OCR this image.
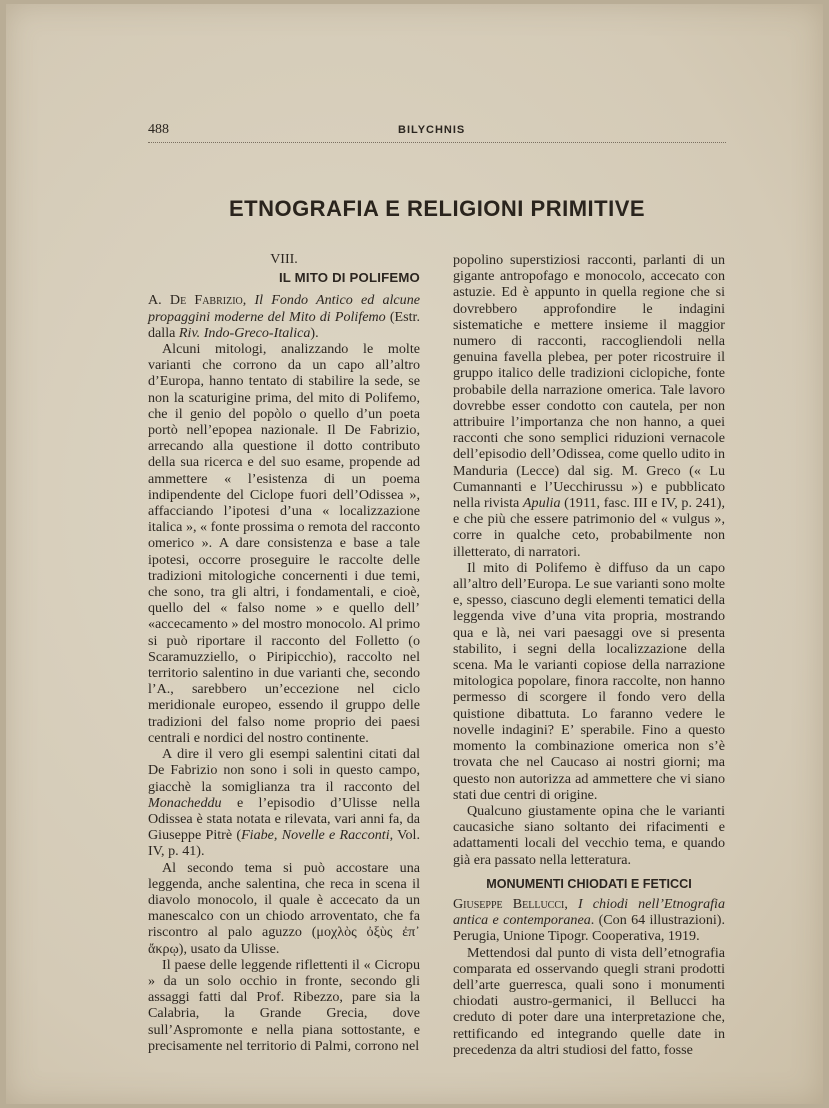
488	BILYCHNIS
ETNOGRAFIA E RELIGIONI PRIMITIVE
VIII.
IL MITO DI POLIFEMO

A. De Fabrizio, Il Fondo Antico ed alcune propaggini moderne del Mito di Polifemo (Estr. dalla Riv. Indo-Greco-Italica).

Alcuni mitologi, analizzando le molte varianti che corrono da un capo all’altro d’Europa, hanno tentato di stabilire la sede, se non la scaturigine prima, del mito di Polifemo, che il genio del popòlo o quello d’un poeta portò nell’epopea nazionale. Il De Fabrizio, arrecando alla questione il dotto contributo della sua ricerca e del suo esame, propende ad ammettere « l’esistenza di un poema indipendente del Ciclope fuori dell’Odissea », affacciando l’ipotesi d’una « localizzazione italica », « fonte prossima o remota del racconto omerico ». A dare consistenza e base a tale ipotesi, occorre proseguire le raccolte delle tradizioni mitologiche concernenti i due temi, che sono, tra gli altri, i fondamentali, e cioè, quello del « falso nome » e quello dell’ «accecamento » del mostro monocolo. Al primo si può riportare il racconto del Folletto (o Scaramuzziello, o Piripicchio), raccolto nel territorio salentino in due varianti che, secondo l’A., sarebbero un’eccezione nel ciclo meridionale europeo, essendo il gruppo delle tradizioni del falso nome proprio dei paesi centrali e nordici del nostro continente.

A dire il vero gli esempi salentini citati dal De Fabrizio non sono i soli in questo campo, giacchè la somiglianza tra il racconto del Monacheddu e l’episodio d’Ulisse nella Odissea è stata notata e rilevata, vari anni fa, da Giuseppe Pitrè (Fiabe, Novelle e Racconti, Vol. IV, p. 41).

Al secondo tema si può accostare una leggenda, anche salentina, che reca in scena il diavolo monocolo, il quale è accecato da un manescalco con un chiodo arroventato, che fa riscontro al palo aguzzo (μοχλὸς ὀξὺς ἐπ᾽ ἄκρῳ), usato da Ulisse.

Il paese delle leggende riflettenti il « Cicropu » da un solo occhio in fronte, secondo gli assaggi fatti dal Prof. Ribezzo, pare sia la Calabria, la Grande Grecia, dove sull’Aspromonte e nella piana sottostante, e precisamente nel territorio di Palmi, corrono nel

popolino superstiziosi racconti, parlanti di un gigante antropofago e monocolo, accecato con astuzie. Ed è appunto in quella regione che si dovrebbero approfondire le indagini sistematiche e mettere insieme il maggior numero di racconti, raccogliendoli nella genuina favella plebea, per poter ricostruire il gruppo italico delle tradizioni ciclopiche, fonte probabile della narrazione omerica. Tale lavoro dovrebbe esser condotto con cautela, per non attribuire l’importanza che non hanno, a quei racconti che sono semplici riduzioni vernacole dell’episodio dell’Odissea, come quello udito in Manduria (Lecce) dal sig. M. Greco (« Lu Cumannanti e l’Uecchirussu ») e pubblicato nella rivista Apulia (1911, fasc. III e IV, p. 241), e che più che essere patrimonio del « vulgus », corre in qualche ceto, probabilmente non illetterato, di narratori.

Il mito di Polifemo è diffuso da un capo all’altro dell’Europa. Le sue varianti sono molte e, spesso, ciascuno degli elementi tematici della leggenda vive d’una vita propria, mostrando qua e là, nei vari paesaggi ove si presenta stabilito, i segni della localizzazione della scena. Ma le varianti copiose della narrazione mitologica popolare, finora raccolte, non hanno permesso di scorgere il fondo vero della quistione dibattuta. Lo faranno vedere le novelle indagini? E’ sperabile. Fino a questo momento la combinazione omerica non s’è trovata che nel Caucaso ai nostri giorni; ma questo non autorizza ad ammettere che vi siano stati due centri di origine.

Qualcuno giustamente opina che le varianti caucasiche siano soltanto dei rifacimenti e adattamenti locali del vecchio tema, e quando già era passato nella letteratura.

MONUMENTI CHIODATI E FETICCI

Giuseppe Bellucci, I chiodi nell’Etnografia antica e contemporanea. (Con 64 illustrazioni). Perugia, Unione Tipogr. Cooperativa, 1919.

Mettendosi dal punto di vista dell’etnografia comparata ed osservando quegli strani prodotti dell’arte guerresca, quali sono i monumenti chiodati austro-germanici, il Bellucci ha creduto di poter dare una interpretazione che, rettificando ed integrando quelle date in precedenza da altri studiosi del fatto, fosse
